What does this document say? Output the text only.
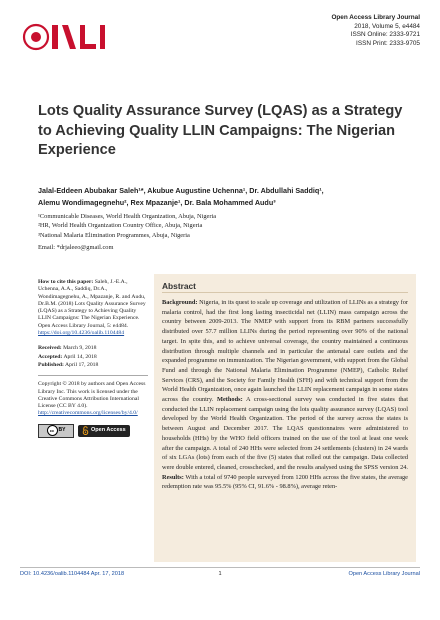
Open Access Library Journal
2018, Volume 5, e4484
ISSN Online: 2333-9721
ISSN Print: 2333-9705
Lots Quality Assurance Survey (LQAS) as a Strategy to Achieving Quality LLIN Campaigns: The Nigerian Experience
Jalal-Eddeen Abubakar Saleh¹*, Akubue Augustine Uchenna¹, Dr. Abdullahi Saddiq¹,
Alemu Wondimagegnehu², Rex Mpazanje¹, Dr. Bala Mohammed Audu³
¹Communicable Diseases, World Health Organization, Abuja, Nigeria
²HR, World Health Organization Country Office, Abuja, Nigeria
³National Malaria Elimination Programmes, Abuja, Nigeria
Email: *drjaleeo@gmail.com
How to cite this paper: Saleh, J.-E.A., Uchenna, A.A., Saddiq, Dr.A., Wondimagegnehu, A., Mpazanje, R. and Audu, Dr.B.M. (2018) Lots Quality Assurance Survey (LQAS) as a Strategy to Achieving Quality LLIN Campaigns: The Nigerian Experience. Open Access Library Journal, 5: e4484.
https://doi.org/10.4236/oalib.1104484
Received: March 9, 2018
Accepted: April 14, 2018
Published: April 17, 2018
Copyright © 2018 by authors and Open Access Library Inc. This work is licensed under the Creative Commons Attribution International License (CC BY 4.0).
http://creativecommons.org/licenses/by/4.0/
cc BY	Open Access
Abstract
Background: Nigeria, in its quest to scale up coverage and utilization of LLINs as a strategy for malaria control, had the first long lasting insecticidal net (LLIN) mass campaign across the country between 2009-2013. The NMEP with support from its RBM partners successfully distributed over 57.7 million LLINs during the period representing over 90% of the national target. In spite this, and to achieve universal coverage, the country maintained a continuous distribution through multiple channels and in particular the antenatal care outlets and the expanded programme on immunization. The Nigerian government, with support from the Global Fund and through the National Malaria Elimination Programme (NMEP), Catholic Relief Services (CRS), and the Society for Family Health (SFH) and with technical support from the World Health Organization, once again launched the LLIN replacement campaign in some states across the country. Methods: A cross-sectional survey was conducted in five states that conducted the LLIN replacement campaign using the lots quality assurance survey (LQAS) tool developed by the World Health Organization. The period of the survey across the states is between August and December 2017. The LQAS questionnaires were administered to households (HHs) by the WHO field officers trained on the use of the tool at least one week after the campaign. A total of 240 HHs were selected from 24 settlements (clusters) in 24 wards of six LGAs (lots) from each of the five (5) states that rolled out the campaign. Data collected were double entered, cleaned, crosschecked, and the results analysed using the SPSS version 24. Results: With a total of 9740 people surveyed from 1200 HHs across the five states, the average redemption rate was 95.5% (95% CI, 91.6% - 98.8%), average reten-
DOI: 10.4236/oalib.1104484 Apr. 17, 2018	1	Open Access Library Journal
